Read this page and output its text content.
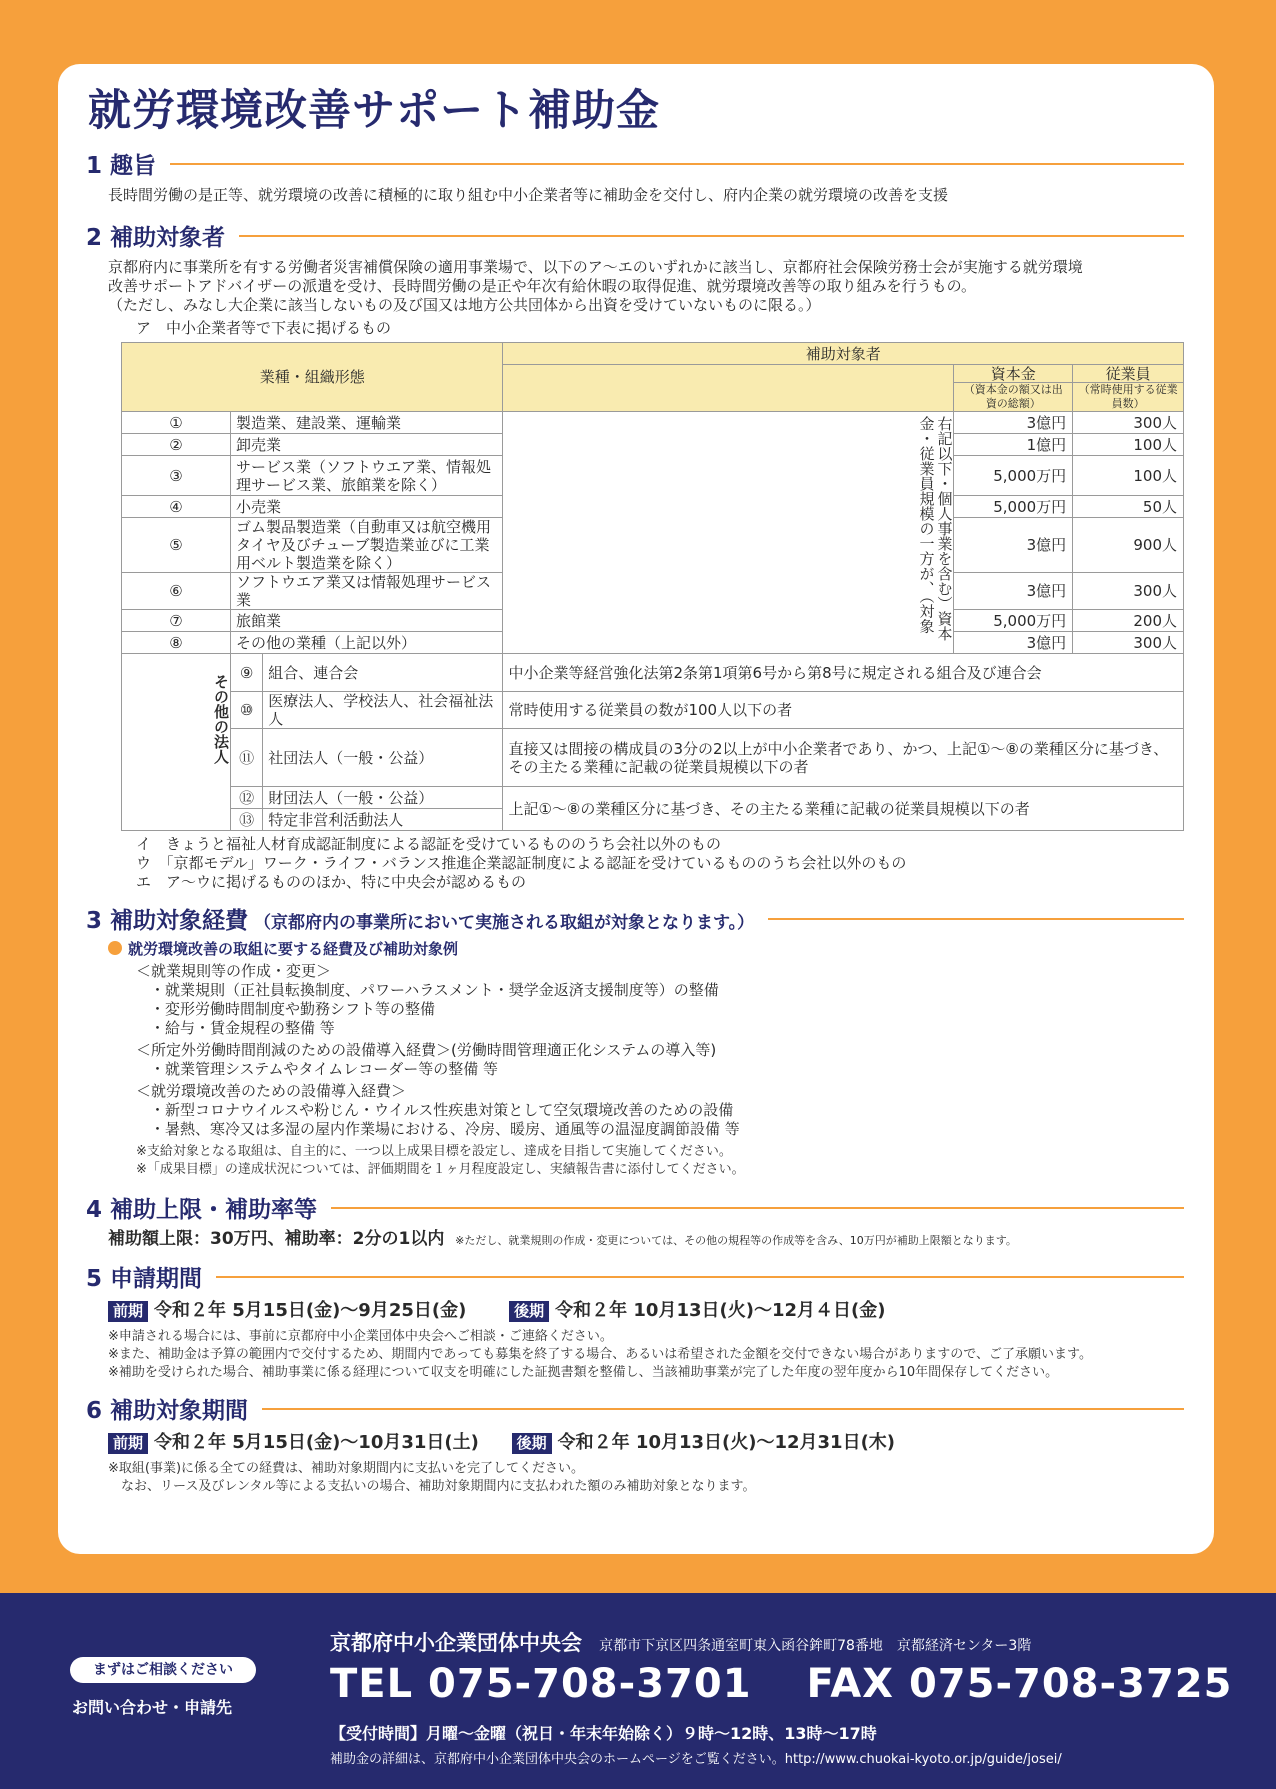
就労環境改善サポート補助金
1 趣旨
長時間労働の是正等、就労環境の改善に積極的に取り組む中小企業者等に補助金を交付し、府内企業の就労環境の改善を支援
2 補助対象者
京都府内に事業所を有する労働者災害補償保険の適用事業場で、以下のア～エのいずれかに該当し、京都府社会保険労務士会が実施する就労環境
改善サポートアドバイザーの派遣を受け、長時間労働の是正や年次有給休暇の取得促進、就労環境改善等の取り組みを行うもの。
（ただし、みなし大企業に該当しないもの及び国又は地方公共団体から出資を受けていないものに限る。）
ア　中小企業者等で下表に掲げるもの
業種・組織形態			補助対象者		
				資本金	従業員
				（資本金の額又は出資の総額）	（常時使用する従業員数）
①	製造業、建設業、運輸業		右記以下・個人事業を含む）資本金・従業員規模の一方が、（対象	3億円	300人
②	卸売業			1億円	100人
③	サービス業（ソフトウエア業、情報処理サービス業、旅館業を除く）			5,000万円	100人
④	小売業			5,000万円	50人
⑤	ゴム製品製造業（自動車又は航空機用タイヤ及びチューブ製造業並びに工業用ベルト製造業を除く）			3億円	900人
⑥	ソフトウエア業又は情報処理サービス業			3億円	300人
⑦	旅館業			5,000万円	200人
⑧	その他の業種（上記以外）			3億円	300人
その他の法人	⑨	組合、連合会	中小企業等経営強化法第2条第1項第6号から第8号に規定される組合及び連合会		
	⑩	医療法人、学校法人、社会福祉法人	常時使用する従業員の数が100人以下の者		
	⑪	社団法人（一般・公益）	直接又は間接の構成員の3分の2以上が中小企業者であり、かつ、上記①～⑧の業種区分に基づき、その主たる業種に記載の従業員規模以下の者		
	⑫	財団法人（一般・公益）	上記①～⑧の業種区分に基づき、その主たる業種に記載の従業員規模以下の者		
	⑬	特定非営利活動法人			
イ　きょうと福祉人材育成認証制度による認証を受けているもののうち会社以外のもの
ウ　「京都モデル」ワーク・ライフ・バランス推進企業認証制度による認証を受けているもののうち会社以外のもの
エ　ア～ウに掲げるもののほか、特に中央会が認めるもの
3 補助対象経費 （京都府内の事業所において実施される取組が対象となります。）
就労環境改善の取組に要する経費及び補助対象例
＜就業規則等の作成・変更＞
・就業規則（正社員転換制度、パワーハラスメント・奨学金返済支援制度等）の整備
・変形労働時間制度や勤務シフト等の整備
・給与・賃金規程の整備 等
＜所定外労働時間削減のための設備導入経費＞(労働時間管理適正化システムの導入等)
・就業管理システムやタイムレコーダー等の整備 等
＜就労環境改善のための設備導入経費＞
・新型コロナウイルスや粉じん・ウイルス性疾患対策として空気環境改善のための設備
・暑熱、寒冷又は多湿の屋内作業場における、冷房、暖房、通風等の温湿度調節設備 等
※支給対象となる取組は、自主的に、一つ以上成果目標を設定し、達成を目指して実施してください。
※「成果目標」の達成状況については、評価期間を１ヶ月程度設定し、実績報告書に添付してください。
4 補助上限・補助率等
補助額上限：30万円、補助率：2分の1以内 ※ただし、就業規則の作成・変更については、その他の規程等の作成等を含み、10万円が補助上限額となります。
5 申請期間
前期 令和２年 5月15日(金)～9月25日(金)	後期 令和２年 10月13日(火)～12月４日(金)
※申請される場合には、事前に京都府中小企業団体中央会へご相談・ご連絡ください。
※また、補助金は予算の範囲内で交付するため、期間内であっても募集を終了する場合、あるいは希望された金額を交付できない場合がありますので、ご了承願います。
※補助を受けられた場合、補助事業に係る経理について収支を明確にした証拠書類を整備し、当該補助事業が完了した年度の翌年度から10年間保存してください。
6 補助対象期間
前期 令和２年 5月15日(金)～10月31日(土)	後期 令和２年 10月13日(火)～12月31日(木)
※取組(事業)に係る全ての経費は、補助対象期間内に支払いを完了してください。
　なお、リース及びレンタル等による支払いの場合、補助対象期間内に支払われた額のみ補助対象となります。
まずはご相談ください
お問い合わせ・申請先
京都府中小企業団体中央会 京都市下京区四条通室町東入函谷鉾町78番地　京都経済センター3階
TEL 075-708-3701 FAX 075-708-3725
【受付時間】月曜～金曜（祝日・年末年始除く）９時～12時、13時～17時
補助金の詳細は、京都府中小企業団体中央会のホームページをご覧ください。http://www.chuokai-kyoto.or.jp/guide/josei/
